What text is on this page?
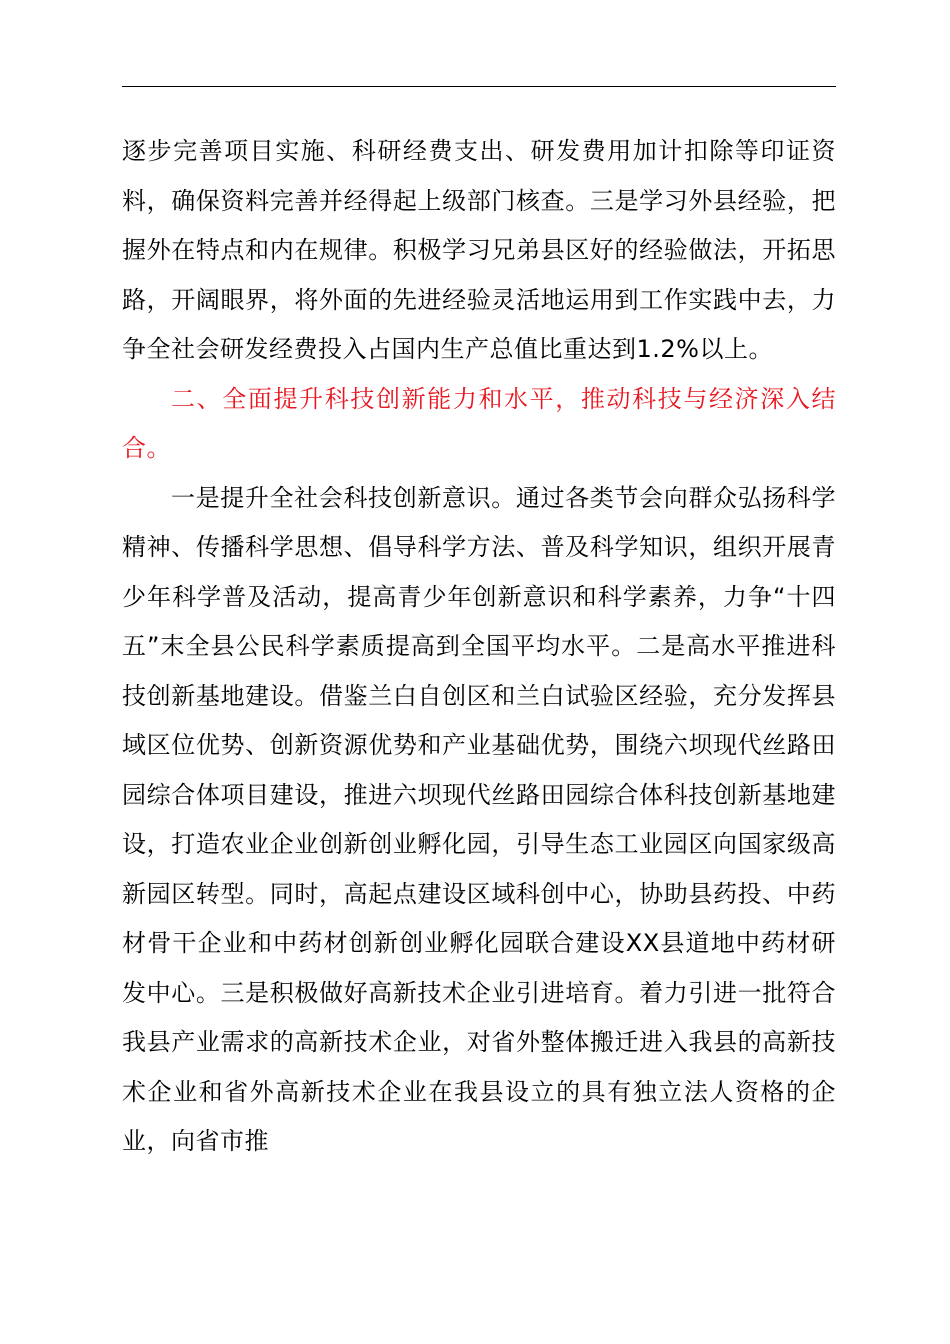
逐步完善项目实施、科研经费支出、研发费用加计扣除等印证资料，确保资料完善并经得起上级部门核查。三是学习外县经验，把握外在特点和内在规律。积极学习兄弟县区好的经验做法，开拓思路，开阔眼界，将外面的先进经验灵活地运用到工作实践中去，力争全社会研发经费投入占国内生产总值比重达到1.2%以上。

二、全面提升科技创新能力和水平，推动科技与经济深入结合。

一是提升全社会科技创新意识。通过各类节会向群众弘扬科学精神、传播科学思想、倡导科学方法、普及科学知识，组织开展青少年科学普及活动，提高青少年创新意识和科学素养，力争“十四五”末全县公民科学素质提高到全国平均水平。二是高水平推进科技创新基地建设。借鉴兰白自创区和兰白试验区经验，充分发挥县域区位优势、创新资源优势和产业基础优势，围绕六坝现代丝路田园综合体项目建设，推进六坝现代丝路田园综合体科技创新基地建设，打造农业企业创新创业孵化园，引导生态工业园区向国家级高新园区转型。同时，高起点建设区域科创中心，协助县药投、中药材骨干企业和中药材创新创业孵化园联合建设XX县道地中药材研发中心。三是积极做好高新技术企业引进培育。着力引进一批符合我县产业需求的高新技术企业，对省外整体搬迁进入我县的高新技术企业和省外高新技术企业在我县设立的具有独立法人资格的企业，向省市推
